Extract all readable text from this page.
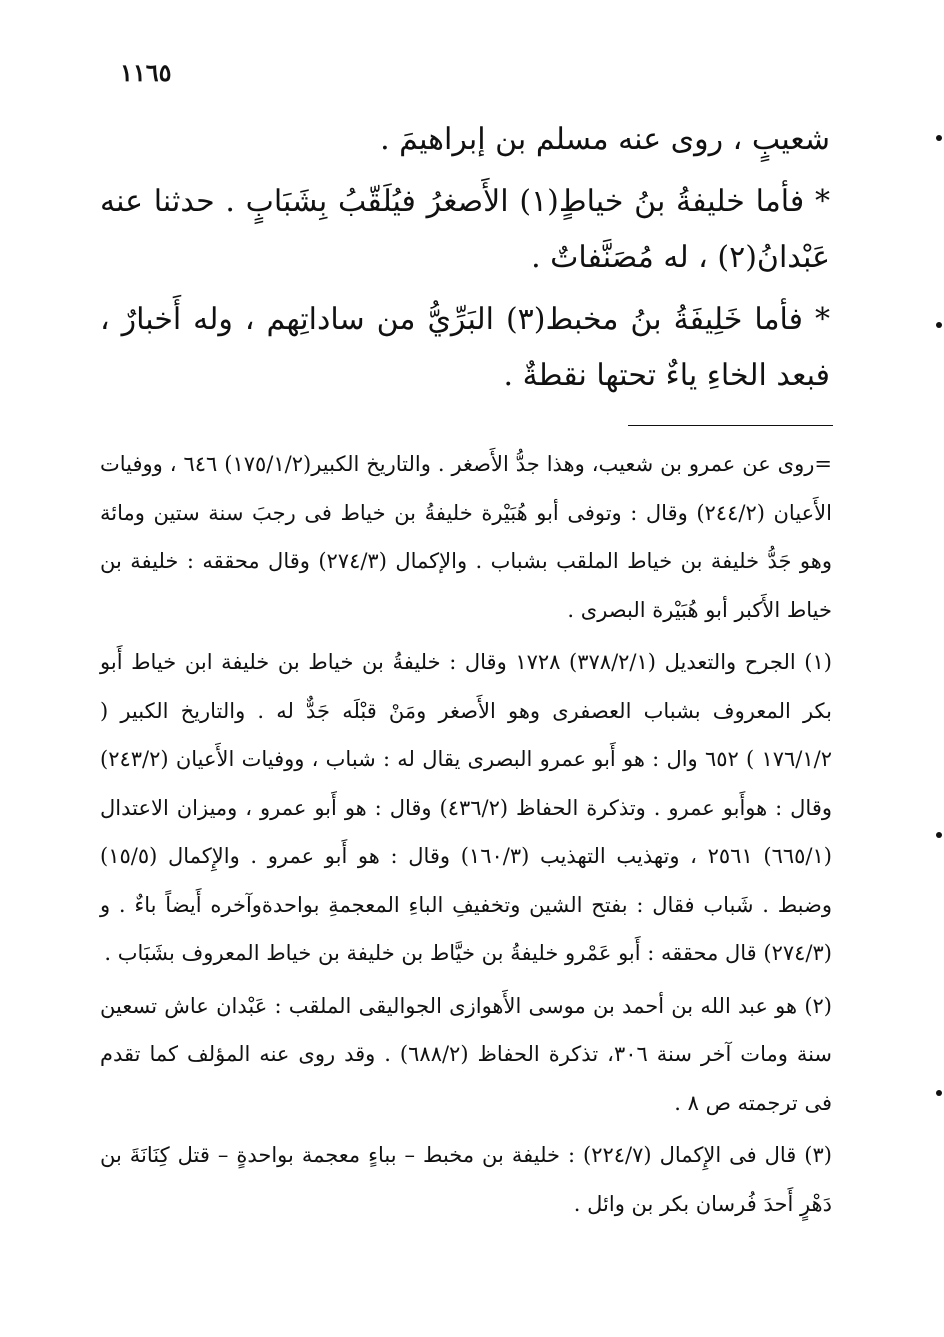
١١٦٥

شعيبٍ ، روى عنه مسلم بن إبراهيمَ .

* فأما خليفةُ بنُ خياطٍ(١) الأَصغرُ فيُلَقّبُ بِشَبَابٍ . حدثنا عنه عَبْدانُ(٢) ، له مُصَنَّفاتٌ .

* فأما خَلِيفَةُ بنُ مخبط(٣) البَرِّيُّ من ساداتِهم ، وله أَخبارٌ ، فبعد الخاءِ ياءٌ تحتها نقطةٌ .

=روى عن عمرو بن شعيب، وهذا جدُّ الأَصغر . والتاريخ الكبير(١٧٥/١/٢) ٦٤٦ ، ووفيات الأَعيان (٢٤٤/٢) وقال : وتوفى أبو هُبَيْرة خليفةُ بن خياط فى رجبَ سنة ستين ومائة وهو جَدُّ خليفة بن خياط الملقب بشباب . والإكمال (٢٧٤/٣) وقال محققه : خليفة بن خياط الأَكبر أبو هُبَيْرة البصرى .

(١) الجرح والتعديل (٣٧٨/٢/١) ١٧٢٨ وقال : خليفةُ بن خياط بن خليفة ابن خياط أَبو بكر المعروف بشباب العصفرى وهو الأَصغر ومَنْ قبْلَه جَدٌّ له . والتاريخ الكبير ( ١٧٦/١/٢ ) ٦٥٢ وال : هو أَبو عمرو البصرى يقال له : شباب ، ووفيات الأَعيان (٢٤٣/٢) وقال : هوأَبو عمرو . وتذكرة الحفاظ (٤٣٦/٢) وقال : هو أَبو عمرو ، وميزان الاعتدال (٦٦٥/١) ٢٥٦١ ، وتهذيب التهذيب (١٦٠/٣) وقال : هو أَبو عمرو . والإِكمال (١٥/٥) وضبط . شَباب فقال : بفتح الشين وتخفيفِ الباءِ المعجمةِ بواحدةوآخره أَيضاً باءٌ . و (٢٧٤/٣) قال محققه : أَبو عَمْرو خليفةُ بن خيَّاط بن خليفة بن خياط المعروف بشَبَاب .

(٢) هو عبد الله بن أحمد بن موسى الأَهوازى الجواليقى الملقب : عَبْدان عاش تسعين سنة ومات آخر سنة ٣٠٦، تذكرة الحفاظ (٦٨٨/٢) . وقد روى عنه المؤلف كما تقدم فى ترجمته ص ٨ .

(٣) قال فى الإِكمال (٢٢٤/٧) : خليفة بن مخبط – بباءٍ معجمة بواحدةٍ – قتل كِنَانَةَ بن دَهْرٍ أَحدَ فُرسان بكر بن وائل .
